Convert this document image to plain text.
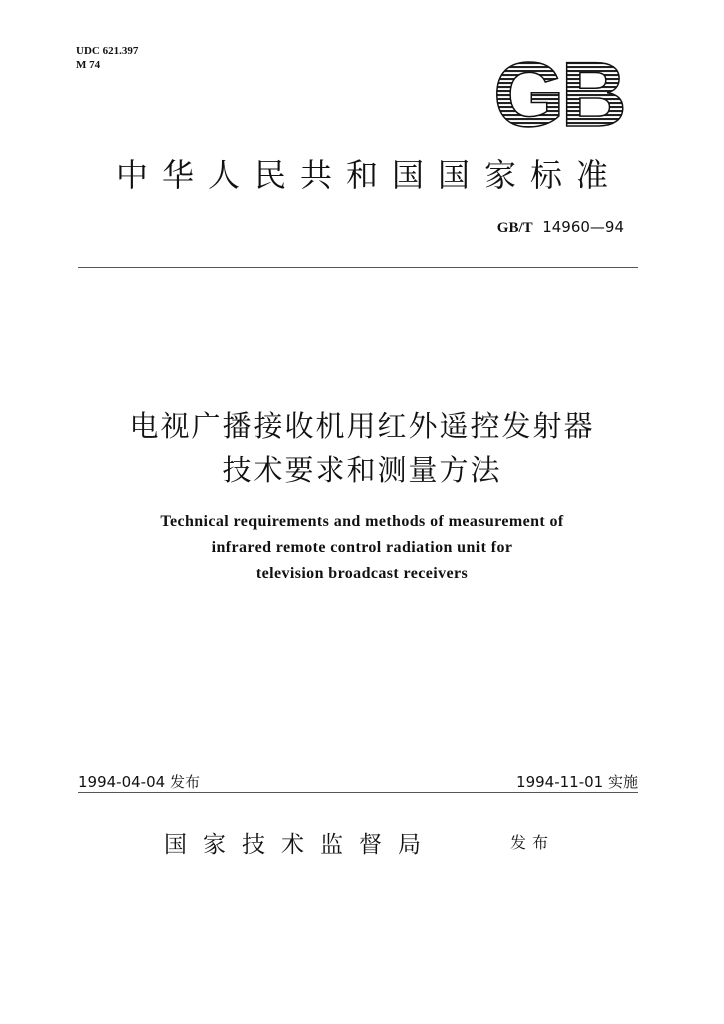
UDC 621.397
M 74	GB
中华人民共和国国家标准
GB/T 14960—94
电视广播接收机用红外遥控发射器
技术要求和测量方法
Technical requirements and methods of measurement of
infrared remote control radiation unit for
television broadcast receivers
1994-04-04 发布	1994-11-01 实施
国家技术监督局	发布
